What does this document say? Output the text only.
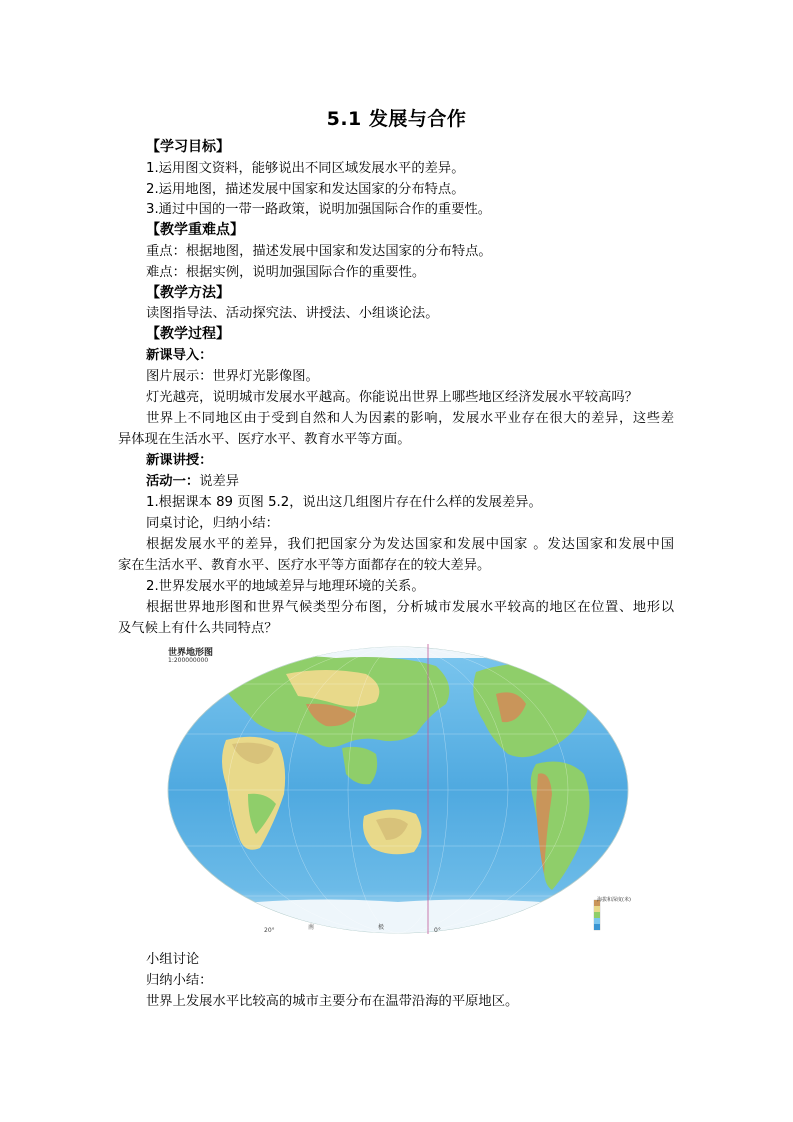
5.1 发展与合作
【学习目标】
1.运用图文资料，能够说出不同区域发展水平的差异。
2.运用地图，描述发展中国家和发达国家的分布特点。
3.通过中国的一带一路政策，说明加强国际合作的重要性。
【教学重难点】
重点：根据地图，描述发展中国家和发达国家的分布特点。
难点：根据实例，说明加强国际合作的重要性。
【教学方法】
读图指导法、活动探究法、讲授法、小组谈论法。
【教学过程】
新课导入：
图片展示：世界灯光影像图。
灯光越亮，说明城市发展水平越高。你能说出世界上哪些地区经济发展水平较高吗？
世界上不同地区由于受到自然和人为因素的影响，发展水平业存在很大的差异，这些差
异体现在生活水平、医疗水平、教育水平等方面。
新课讲授：
活动一：说差异
1.根据课本 89 页图 5.2，说出这几组图片存在什么样的发展差异。
同桌讨论，归纳小结：
根据发展水平的差异，我们把国家分为发达国家和发展中国家 。发达国家和发展中国
家在生活水平、教育水平、医疗水平等方面都存在的较大差异。
2.世界发展水平的地域差异与地理环境的关系。
根据世界地形图和世界气候类型分布图，分析城市发展水平较高的地区在位置、地形以
及气候上有什么共同特点？
世界地形图
1:200000000
海拔和深度(米)
南	极
20°	0°
小组讨论
归纳小结：
世界上发展水平比较高的城市主要分布在温带沿海的平原地区。
